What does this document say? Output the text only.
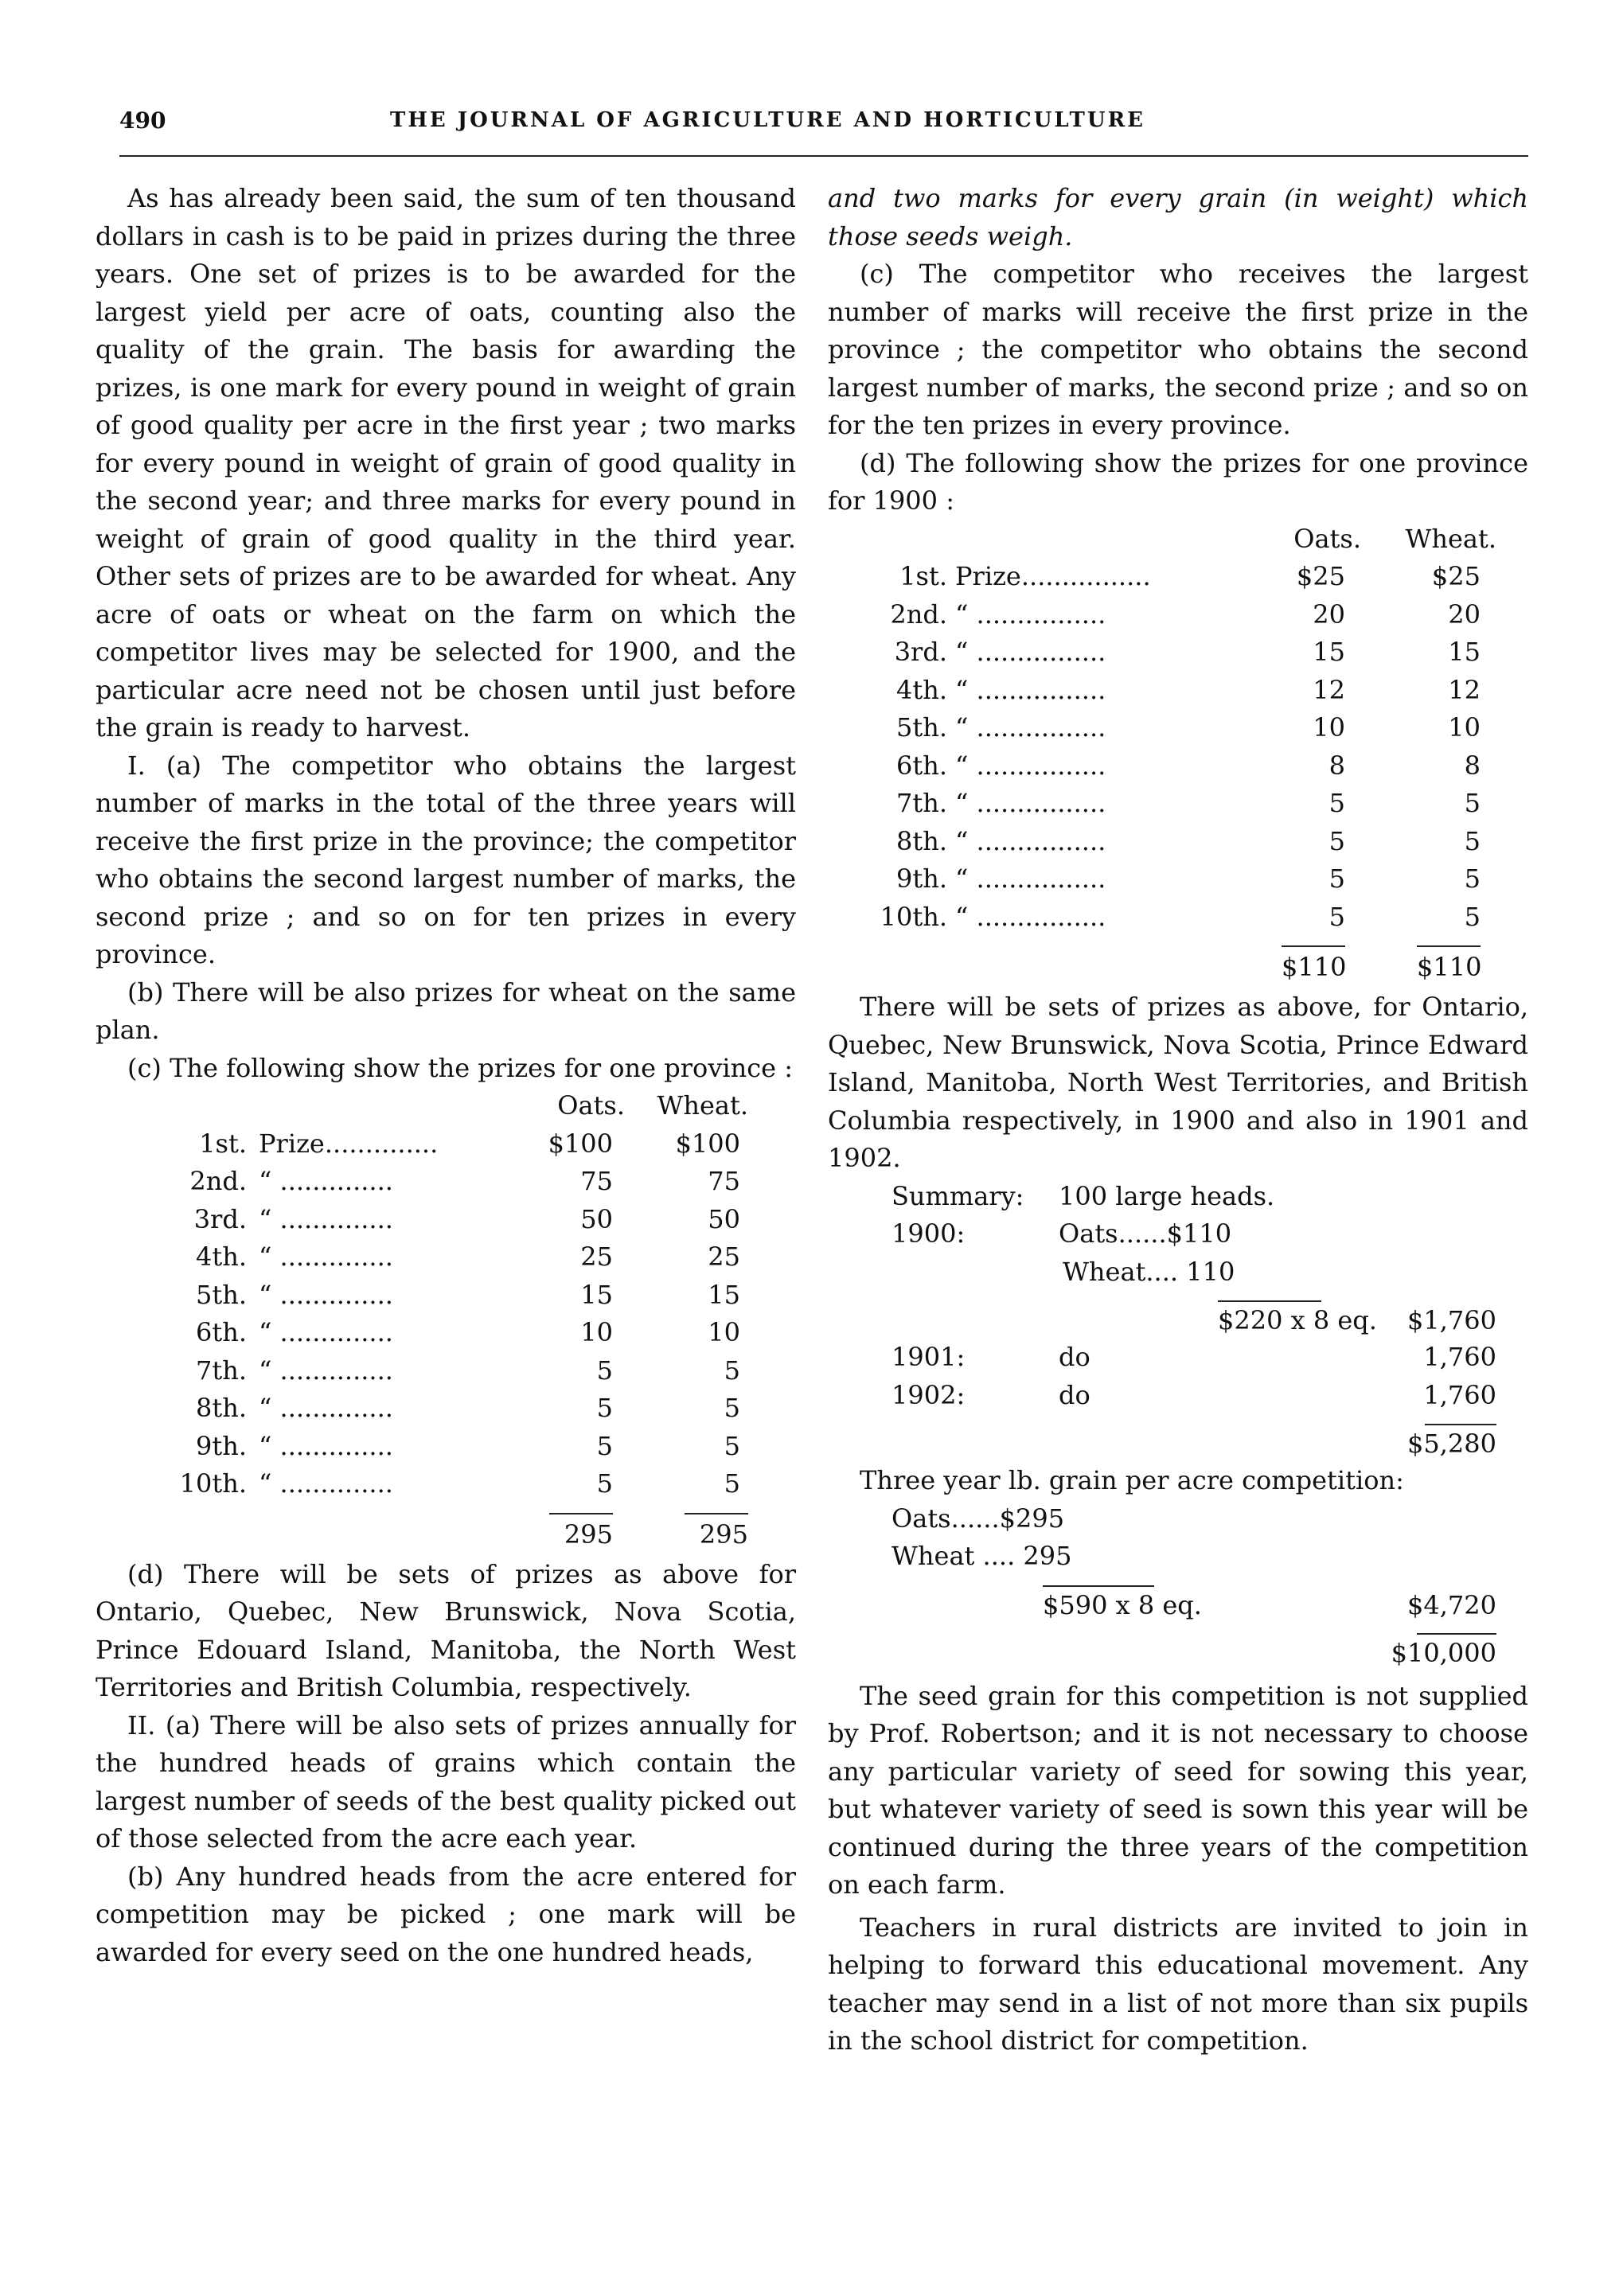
490	THE JOURNAL OF AGRICULTURE AND HORTICULTURE

As has already been said, the sum of ten thousand dollars in cash is to be paid in prizes during the three years. One set of prizes is to be awarded for the largest yield per acre of oats, counting also the quality of the grain. The basis for awarding the prizes, is one mark for every pound in weight of grain of good quality per acre in the first year ; two marks for every pound in weight of grain of good quality in the second year; and three marks for every pound in weight of grain of good quality in the third year. Other sets of prizes are to be awarded for wheat. Any acre of oats or wheat on the farm on which the competitor lives may be selected for 1900, and the particular acre need not be chosen until just before the grain is ready to harvest.

I. (a) The competitor who obtains the largest number of marks in the total of the three years will receive the first prize in the province; the competitor who obtains the second largest number of marks, the second prize ; and so on for ten prizes in every province.

(b) There will be also prizes for wheat on the same plan.

(c) The following show the prizes for one province :

Oats.	Wheat.
1st. Prize..............	$100	$100
2nd. “ ..............	75	75
3rd. “ ..............	50	50
4th. “ ..............	25	25
5th. “ ..............	15	15
6th. “ ..............	10	10
7th. “ ..............	5	5
8th. “ ..............	5	5
9th. “ ..............	5	5
10th. “ ..............	5	5
295	295

(d) There will be sets of prizes as above for Ontario, Quebec, New Brunswick, Nova Scotia, Prince Edouard Island, Manitoba, the North West Territories and British Columbia, respectively.

II. (a) There will be also sets of prizes annually for the hundred heads of grains which contain the largest number of seeds of the best quality picked out of those selected from the acre each year.

(b) Any hundred heads from the acre entered for competition may be picked ; one mark will be awarded for every seed on the one hundred heads,

and two marks for every grain (in weight) which those seeds weigh.

(c) The competitor who receives the largest number of marks will receive the first prize in the province ; the competitor who obtains the second largest number of marks, the second prize ; and so on for the ten prizes in every province.

(d) The following show the prizes for one province for 1900 :

Oats.	Wheat.
1st. Prize................	$25	$25
2nd. “ ................	20	20
3rd. “ ................	15	15
4th. “ ................	12	12
5th. “ ................	10	10
6th. “ ................	8	8
7th. “ ................	5	5
8th. “ ................	5	5
9th. “ ................	5	5
10th. “ ................	5	5
$110	$110

There will be sets of prizes as above, for Ontario, Quebec, New Brunswick, Nova Scotia, Prince Edward Island, Manitoba, North West Territories, and British Columbia respectively, in 1900 and also in 1901 and 1902.

Summary: 100 large heads.
1900:	Oats......$110
Wheat.... 110
$220 x 8 eq. $1,760
1901:	do	1,760
1902:	do	1,760
$5,280
Three year lb. grain per acre competition:
Oats......$295
Wheat .... 295
$590 x 8 eq.	$4,720
$10,000

The seed grain for this competition is not supplied by Prof. Robertson; and it is not necessary to choose any particular variety of seed for sowing this year, but whatever variety of seed is sown this year will be continued during the three years of the competition on each farm.

Teachers in rural districts are invited to join in helping to forward this educational movement. Any teacher may send in a list of not more than six pupils in the school district for competition.
